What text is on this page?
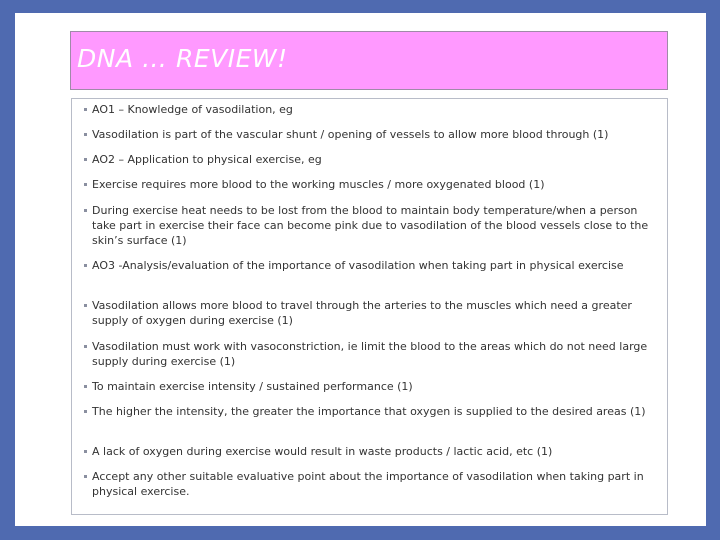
DNA … REVIEW!
AO1 – Knowledge of vasodilation, eg
Vasodilation is part of the vascular shunt / opening of vessels to allow more blood through (1)
AO2 – Application to physical exercise, eg
Exercise requires more blood to the working muscles / more oxygenated blood (1)
During exercise heat needs to be lost from the blood to maintain body temperature/when a person take part in exercise their face can become pink due to vasodilation of the blood vessels close to the skin’s surface (1)
AO3 -Analysis/evaluation of the importance of vasodilation when taking part in physical exercise
Vasodilation allows more blood to travel through the arteries to the muscles which need a greater supply of oxygen during exercise (1)
Vasodilation must work with vasoconstriction, ie limit the blood to the areas which do not need large supply during exercise (1)
To maintain exercise intensity / sustained performance (1)
The higher the intensity, the greater the importance that oxygen is supplied to the desired areas (1)
A lack of oxygen during exercise would result in waste products / lactic acid, etc (1)
Accept any other suitable evaluative point about the importance of vasodilation when taking part in physical exercise.
